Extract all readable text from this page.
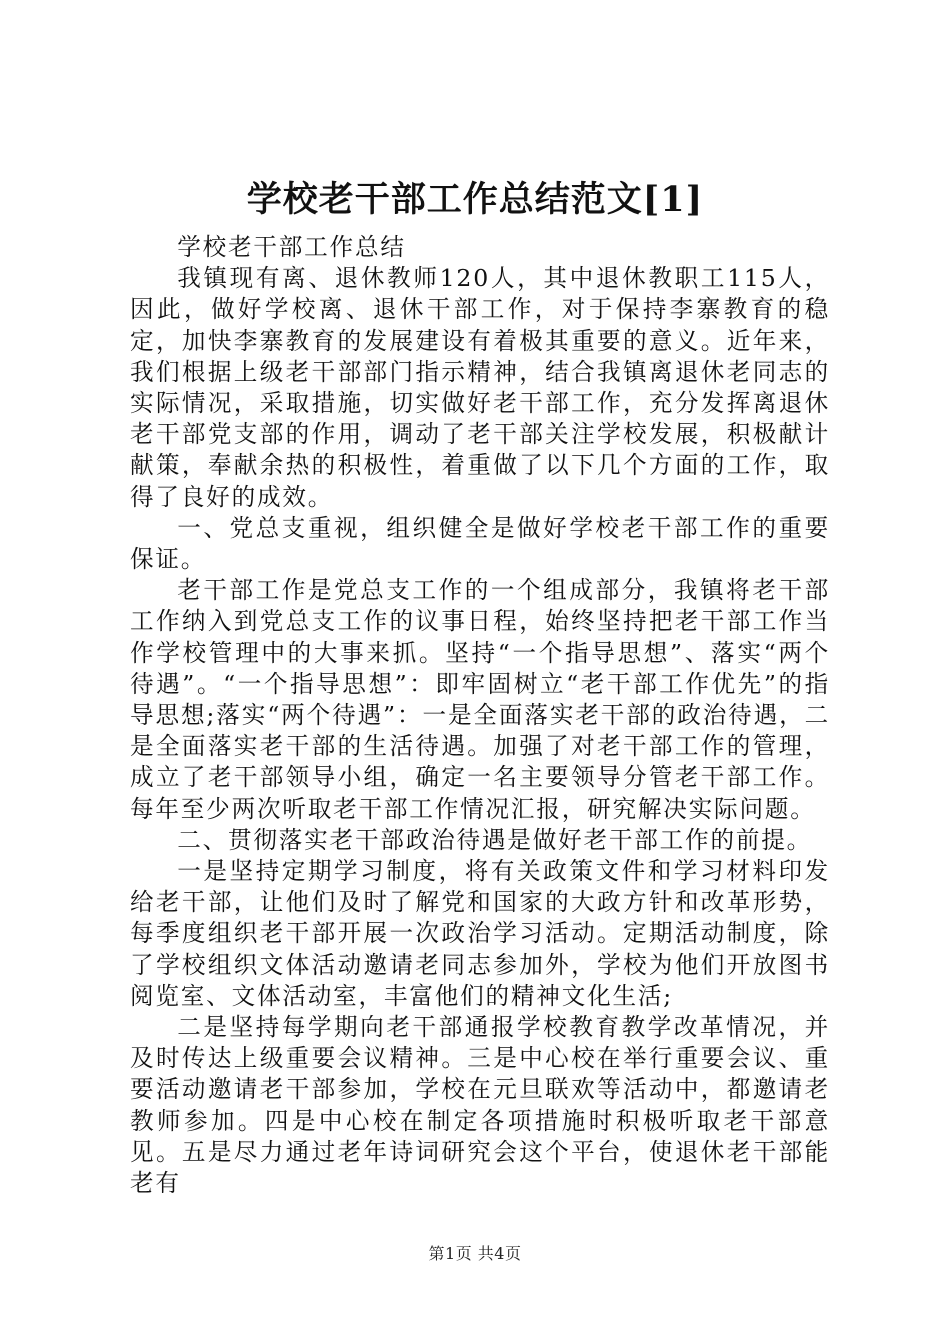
学校老干部工作总结范文[1]

学校老干部工作总结

我镇现有离、退休教师120人，其中退休教职工115人，因此，做好学校离、退休干部工作，对于保持李寨教育的稳定，加快李寨教育的发展建设有着极其重要的意义。近年来，我们根据上级老干部部门指示精神，结合我镇离退休老同志的实际情况，采取措施，切实做好老干部工作，充分发挥离退休老干部党支部的作用，调动了老干部关注学校发展，积极献计献策，奉献余热的积极性，着重做了以下几个方面的工作，取得了良好的成效。

一、党总支重视，组织健全是做好学校老干部工作的重要保证。

老干部工作是党总支工作的一个组成部分，我镇将老干部工作纳入到党总支工作的议事日程，始终坚持把老干部工作当作学校管理中的大事来抓。坚持“一个指导思想”、落实“两个待遇”。“一个指导思想”：即牢固树立“老干部工作优先”的指导思想;落实“两个待遇”：一是全面落实老干部的政治待遇，二是全面落实老干部的生活待遇。加强了对老干部工作的管理，成立了老干部领导小组，确定一名主要领导分管老干部工作。每年至少两次听取老干部工作情况汇报，研究解决实际问题。

二、贯彻落实老干部政治待遇是做好老干部工作的前提。

一是坚持定期学习制度，将有关政策文件和学习材料印发给老干部，让他们及时了解党和国家的大政方针和改革形势，每季度组织老干部开展一次政治学习活动。定期活动制度，除了学校组织文体活动邀请老同志参加外，学校为他们开放图书阅览室、文体活动室，丰富他们的精神文化生活;

二是坚持每学期向老干部通报学校教育教学改革情况，并及时传达上级重要会议精神。三是中心校在举行重要会议、重要活动邀请老干部参加，学校在元旦联欢等活动中，都邀请老教师参加。四是中心校在制定各项措施时积极听取老干部意见。五是尽力通过老年诗词研究会这个平台，使退休老干部能老有

第1页 共4页
